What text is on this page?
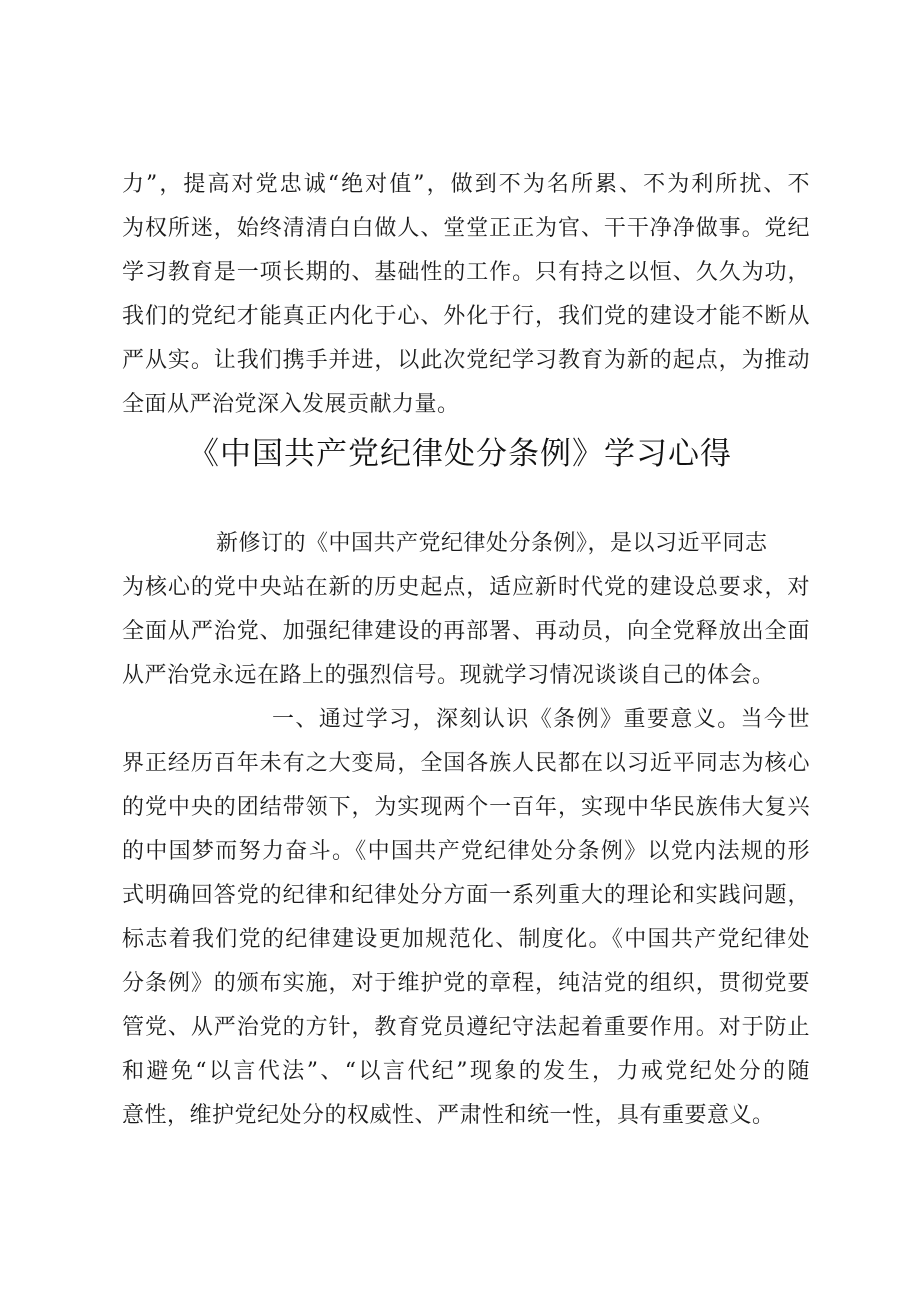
力”，提高对党忠诚“绝对值”，做到不为名所累、不为利所扰、不
为权所迷，始终清清白白做人、堂堂正正为官、干干净净做事。党纪
学习教育是一项长期的、基础性的工作。只有持之以恒、久久为功，
我们的党纪才能真正内化于心、外化于行，我们党的建设才能不断从
严从实。让我们携手并进，以此次党纪学习教育为新的起点，为推动
全面从严治党深入发展贡献力量。
《中国共产党纪律处分条例》学习心得
新修订的《中国共产党纪律处分条例》，是以习近平同志
为核心的党中央站在新的历史起点，适应新时代党的建设总要求，对
全面从严治党、加强纪律建设的再部署、再动员，向全党释放出全面
从严治党永远在路上的强烈信号。现就学习情况谈谈自己的体会。
一、通过学习，深刻认识《条例》重要意义。当今世
界正经历百年未有之大变局，全国各族人民都在以习近平同志为核心
的党中央的团结带领下，为实现两个一百年，实现中华民族伟大复兴
的中国梦而努力奋斗。《中国共产党纪律处分条例》以党内法规的形
式明确回答党的纪律和纪律处分方面一系列重大的理论和实践问题，
标志着我们党的纪律建设更加规范化、制度化。《中国共产党纪律处
分条例》的颁布实施，对于维护党的章程，纯洁党的组织，贯彻党要
管党、从严治党的方针，教育党员遵纪守法起着重要作用。对于防止
和避免“以言代法”、“以言代纪”现象的发生，力戒党纪处分的随
意性，维护党纪处分的权威性、严肃性和统一性，具有重要意义。
